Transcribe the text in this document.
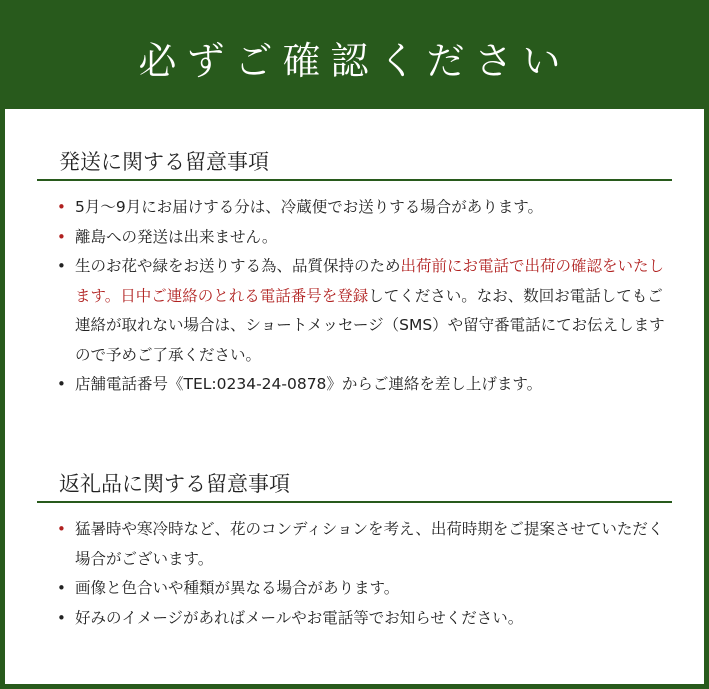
必ずご確認ください
発送に関する留意事項
• 5月～9月にお届けする分は、冷蔵便でお送りする場合があります。
• 離島への発送は出来ません。
• 生のお花や緑をお送りする為、品質保持のため出荷前にお電話で出荷の確認をいたします。日中ご連絡のとれる電話番号を登録してください。なお、数回お電話してもご連絡が取れない場合は、ショートメッセージ（SMS）や留守番電話にてお伝えしますので予めご了承ください。
• 店舗電話番号《TEL:0234-24-0878》からご連絡を差し上げます。
返礼品に関する留意事項
• 猛暑時や寒冷時など、花のコンディションを考え、出荷時期をご提案させていただく場合がございます。
• 画像と色合いや種類が異なる場合があります。
• 好みのイメージがあればメールやお電話等でお知らせください。
